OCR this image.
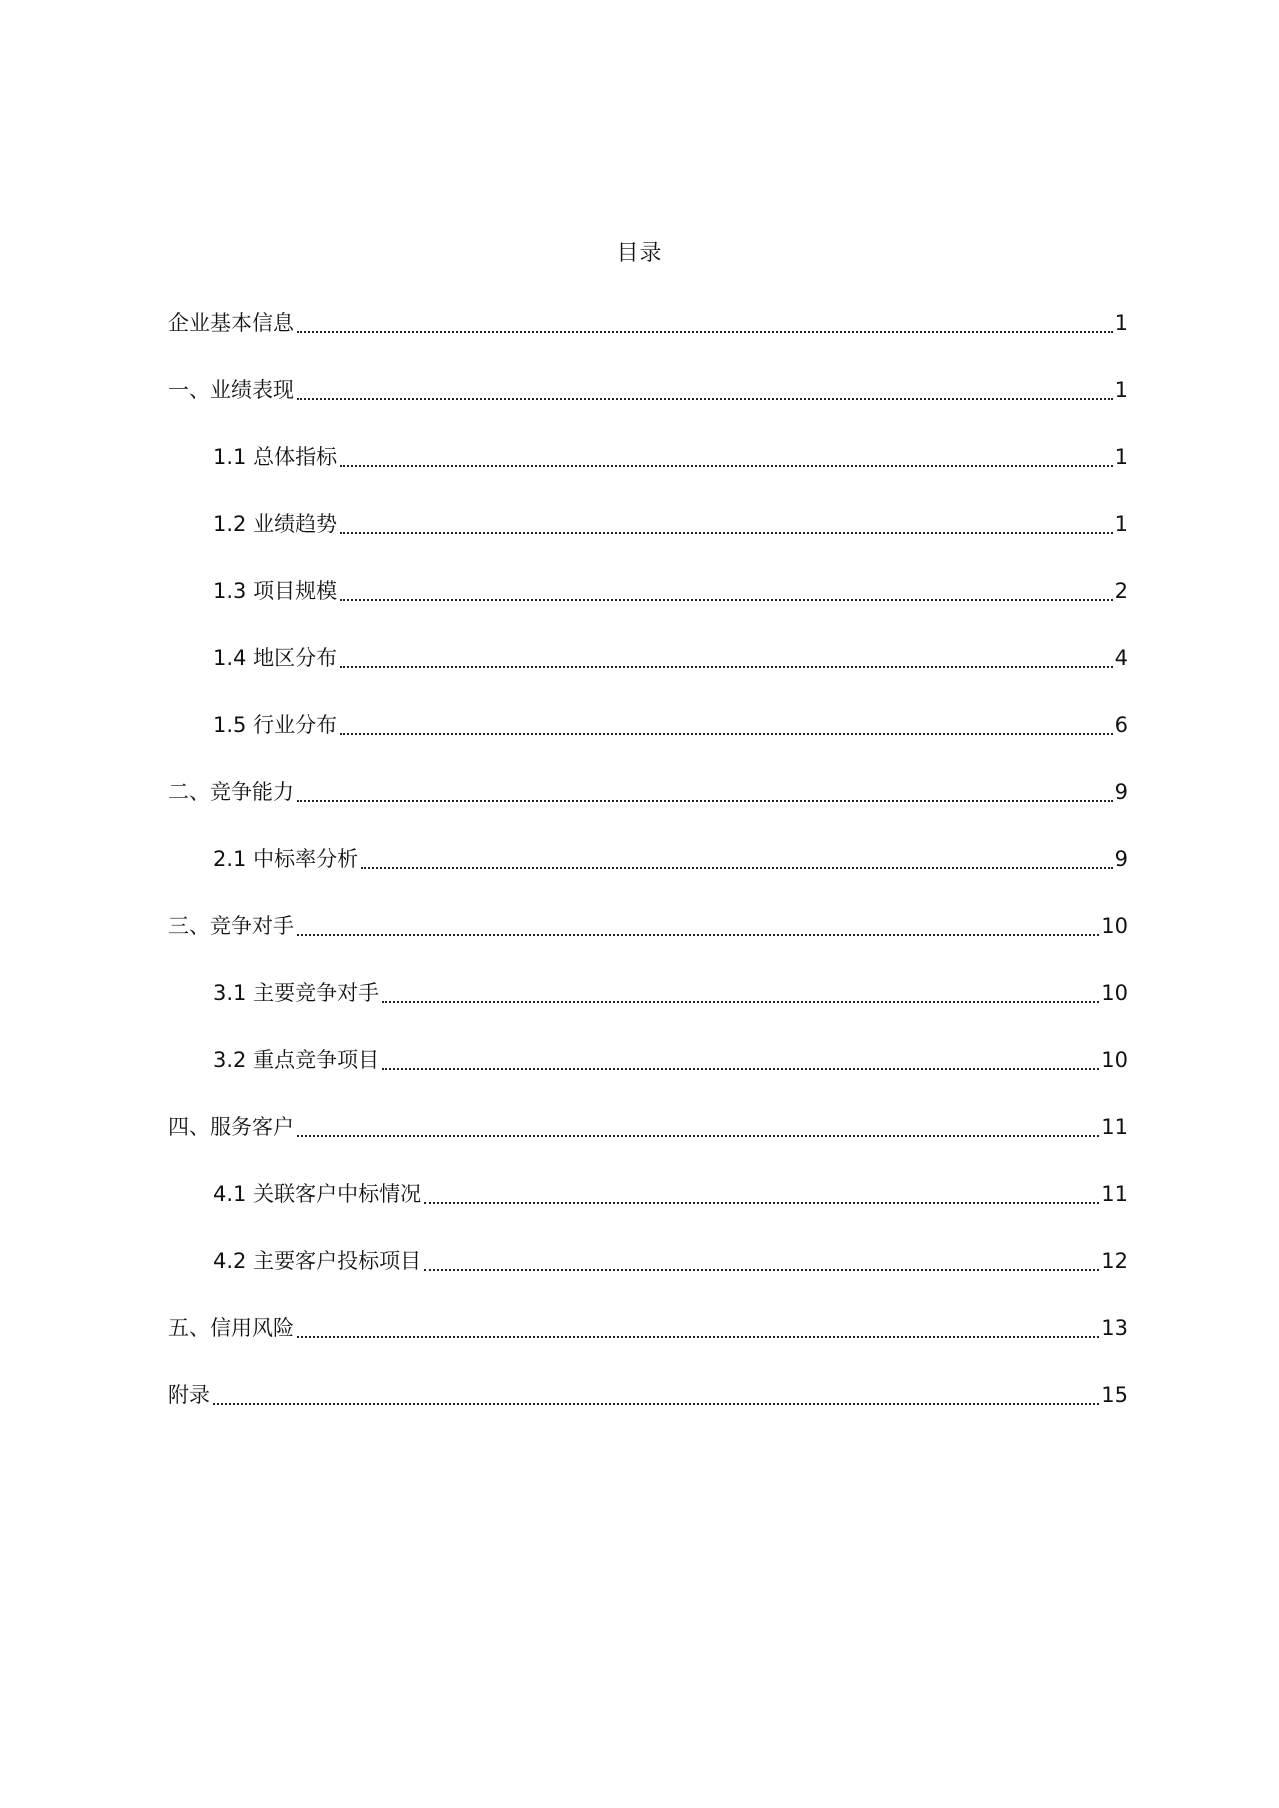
目录
企业基本信息	1
一、业绩表现	1
1.1 总体指标	1
1.2 业绩趋势	1
1.3 项目规模	2
1.4 地区分布	4
1.5 行业分布	6
二、竞争能力	9
2.1 中标率分析	9
三、竞争对手	10
3.1 主要竞争对手	10
3.2 重点竞争项目	10
四、服务客户	11
4.1 关联客户中标情况	11
4.2 主要客户投标项目	12
五、信用风险	13
附录	15
